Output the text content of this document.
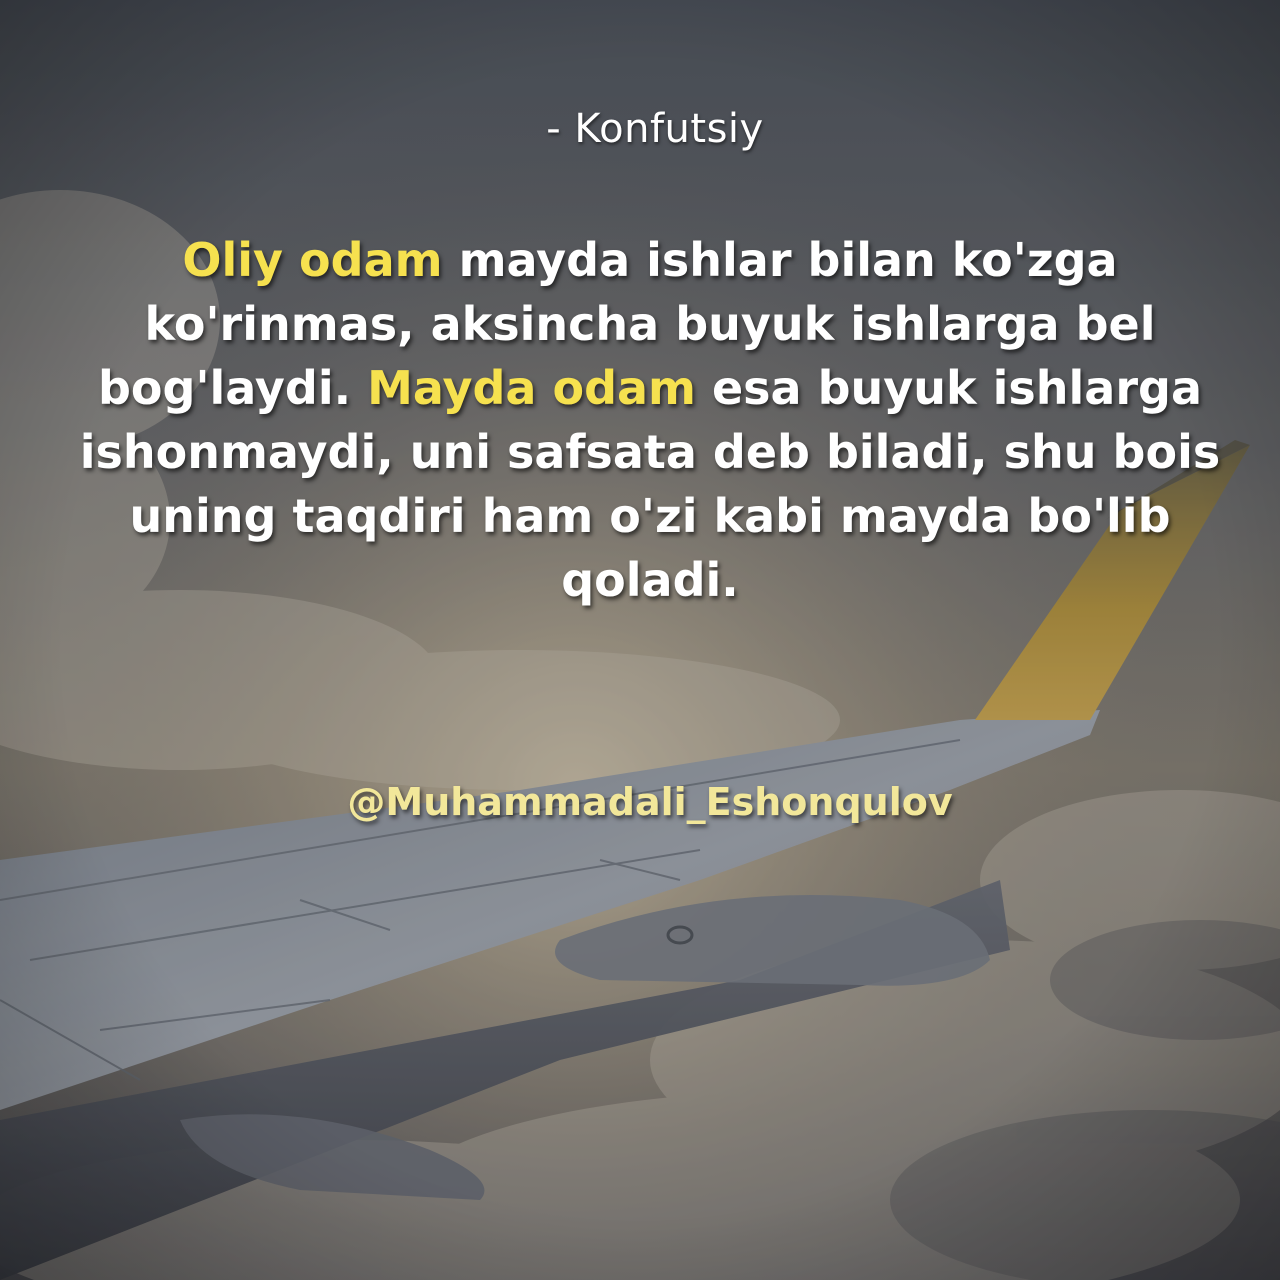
- Konfutsiy
Oliy odam mayda ishlar bilan ko'zga ko'rinmas, aksincha buyuk ishlarga bel bog'laydi. Mayda odam esa buyuk ishlarga ishonmaydi, uni safsata deb biladi, shu bois uning taqdiri ham o'zi kabi mayda bo'lib qoladi.
@Muhammadali_Eshonqulov
